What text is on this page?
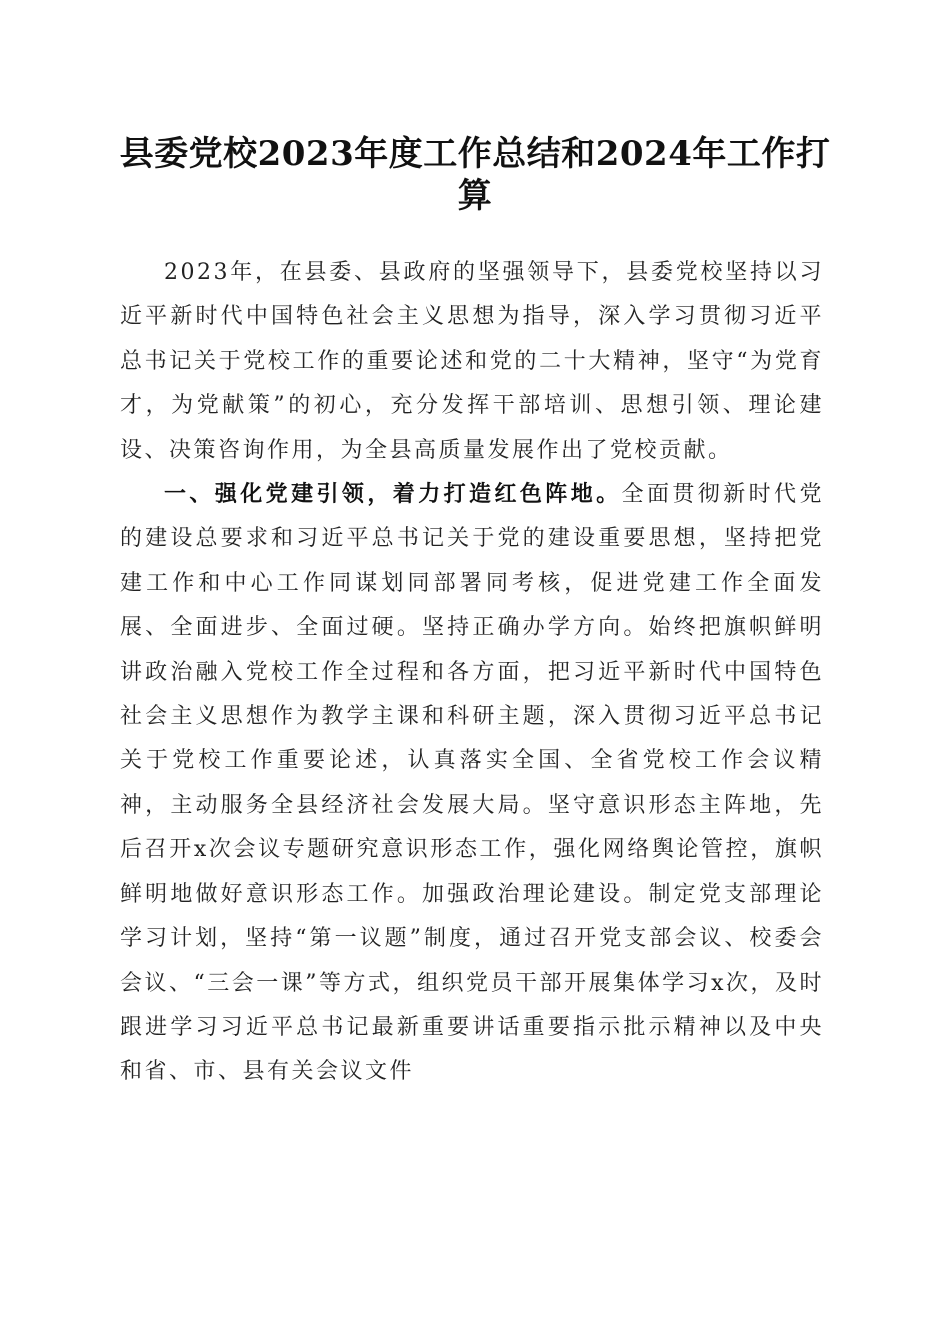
县委党校2023年度工作总结和2024年工作打算

2023年，在县委、县政府的坚强领导下，县委党校坚持以习近平新时代中国特色社会主义思想为指导，深入学习贯彻习近平总书记关于党校工作的重要论述和党的二十大精神，坚守“为党育才，为党献策”的初心，充分发挥干部培训、思想引领、理论建设、决策咨询作用，为全县高质量发展作出了党校贡献。

一、强化党建引领，着力打造红色阵地。全面贯彻新时代党的建设总要求和习近平总书记关于党的建设重要思想，坚持把党建工作和中心工作同谋划同部署同考核，促进党建工作全面发展、全面进步、全面过硬。坚持正确办学方向。始终把旗帜鲜明讲政治融入党校工作全过程和各方面，把习近平新时代中国特色社会主义思想作为教学主课和科研主题，深入贯彻习近平总书记关于党校工作重要论述，认真落实全国、全省党校工作会议精神，主动服务全县经济社会发展大局。坚守意识形态主阵地，先后召开x次会议专题研究意识形态工作，强化网络舆论管控，旗帜鲜明地做好意识形态工作。加强政治理论建设。制定党支部理论学习计划，坚持“第一议题”制度，通过召开党支部会议、校委会会议、“三会一课”等方式，组织党员干部开展集体学习x次，及时跟进学习习近平总书记最新重要讲话重要指示批示精神以及中央和省、市、县有关会议文件
